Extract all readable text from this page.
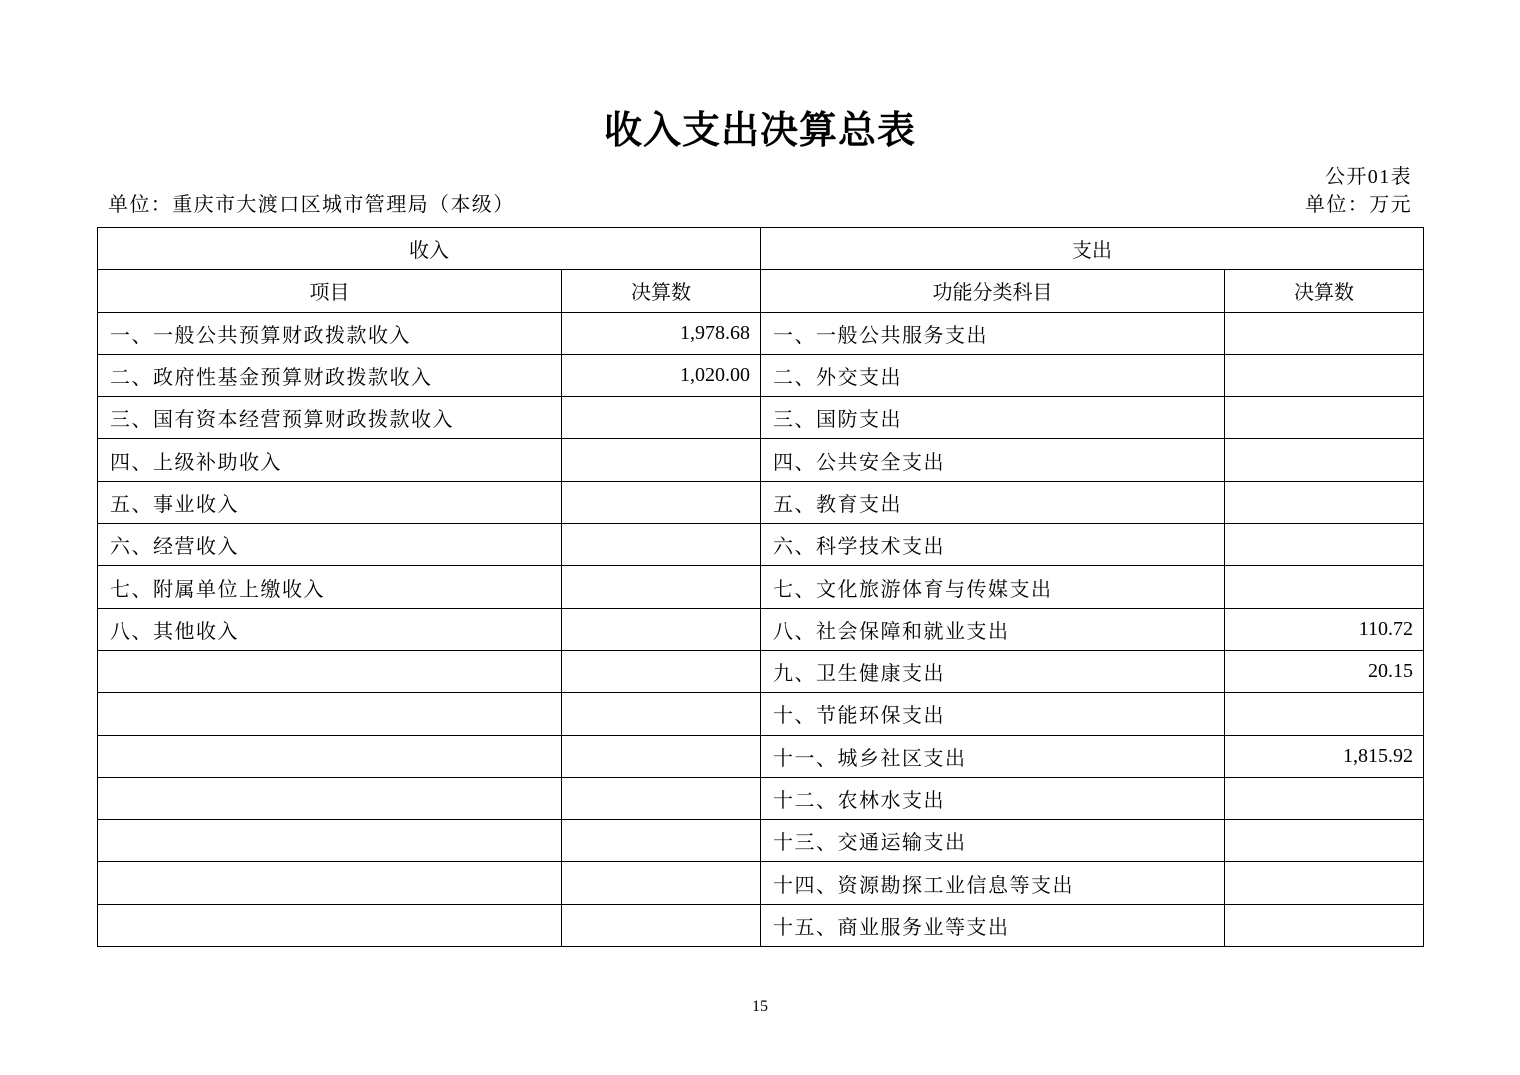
收入支出决算总表
公开01表
单位：重庆市大渡口区城市管理局（本级）	单位：万元
收入		支出	
项目	决算数	功能分类科目	决算数
一、一般公共预算财政拨款收入	1,978.68	一、一般公共服务支出	
二、政府性基金预算财政拨款收入	1,020.00	二、外交支出	
三、国有资本经营预算财政拨款收入		三、国防支出	
四、上级补助收入		四、公共安全支出	
五、事业收入		五、教育支出	
六、经营收入		六、科学技术支出	
七、附属单位上缴收入		七、文化旅游体育与传媒支出	
八、其他收入		八、社会保障和就业支出	110.72
		九、卫生健康支出	20.15
		十、节能环保支出	
		十一、城乡社区支出	1,815.92
		十二、农林水支出	
		十三、交通运输支出	
		十四、资源勘探工业信息等支出	
		十五、商业服务业等支出	
15
